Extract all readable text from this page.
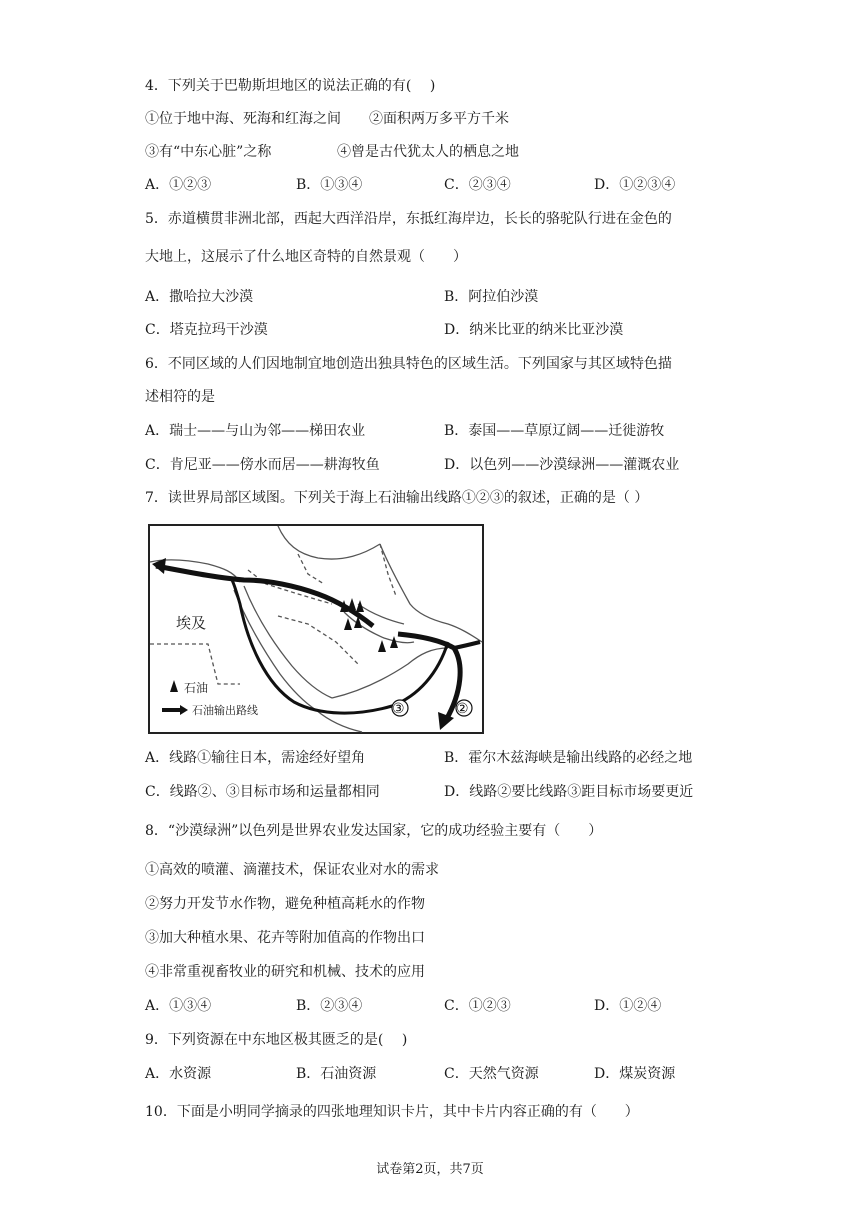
4．下列关于巴勒斯坦地区的说法正确的有(　 )
①位于地中海、死海和红海之间 ②面积两万多平方千米
③有“中东心脏”之称	④曾是古代犹太人的栖息之地
A．①②③	B．①③④	C．②③④	D．①②③④
5．赤道横贯非洲北部，西起大西洋沿岸，东抵红海岸边，长长的骆驼队行进在金色的
大地上，这展示了什么地区奇特的自然景观（　　）
A．撒哈拉大沙漠	B．阿拉伯沙漠
C．塔克拉玛干沙漠	D．纳米比亚的纳米比亚沙漠
6．不同区域的人们因地制宜地创造出独具特色的区域生活。下列国家与其区域特色描
述相符的是
A．瑞士——与山为邻——梯田农业	B．泰国——草原辽阔——迁徙游牧
C．肯尼亚——傍水而居——耕海牧鱼	D．以色列——沙漠绿洲——灌溉农业
7．读世界局部区域图。下列关于海上石油输出线路①②③的叙述，正确的是（ ）
埃及
石油
石油输出路线	③	②
A．线路①输往日本，需途经好望角	B．霍尔木兹海峡是输出线路的必经之地
C．线路②、③目标市场和运量都相同	D．线路②要比线路③距目标市场要更近
8．“沙漠绿洲”以色列是世界农业发达国家，它的成功经验主要有（　　）
①高效的喷灌、滴灌技术，保证农业对水的需求
②努力开发节水作物，避免种植高耗水的作物
③加大种植水果、花卉等附加值高的作物出口
④非常重视畜牧业的研究和机械、技术的应用
A．①③④	B．②③④	C．①②③	D．①②④
9．下列资源在中东地区极其匮乏的是(　 )
A．水资源	B．石油资源	C．天然气资源	D．煤炭资源
10．下面是小明同学摘录的四张地理知识卡片，其中卡片内容正确的有（　　）
试卷第2页，共7页
